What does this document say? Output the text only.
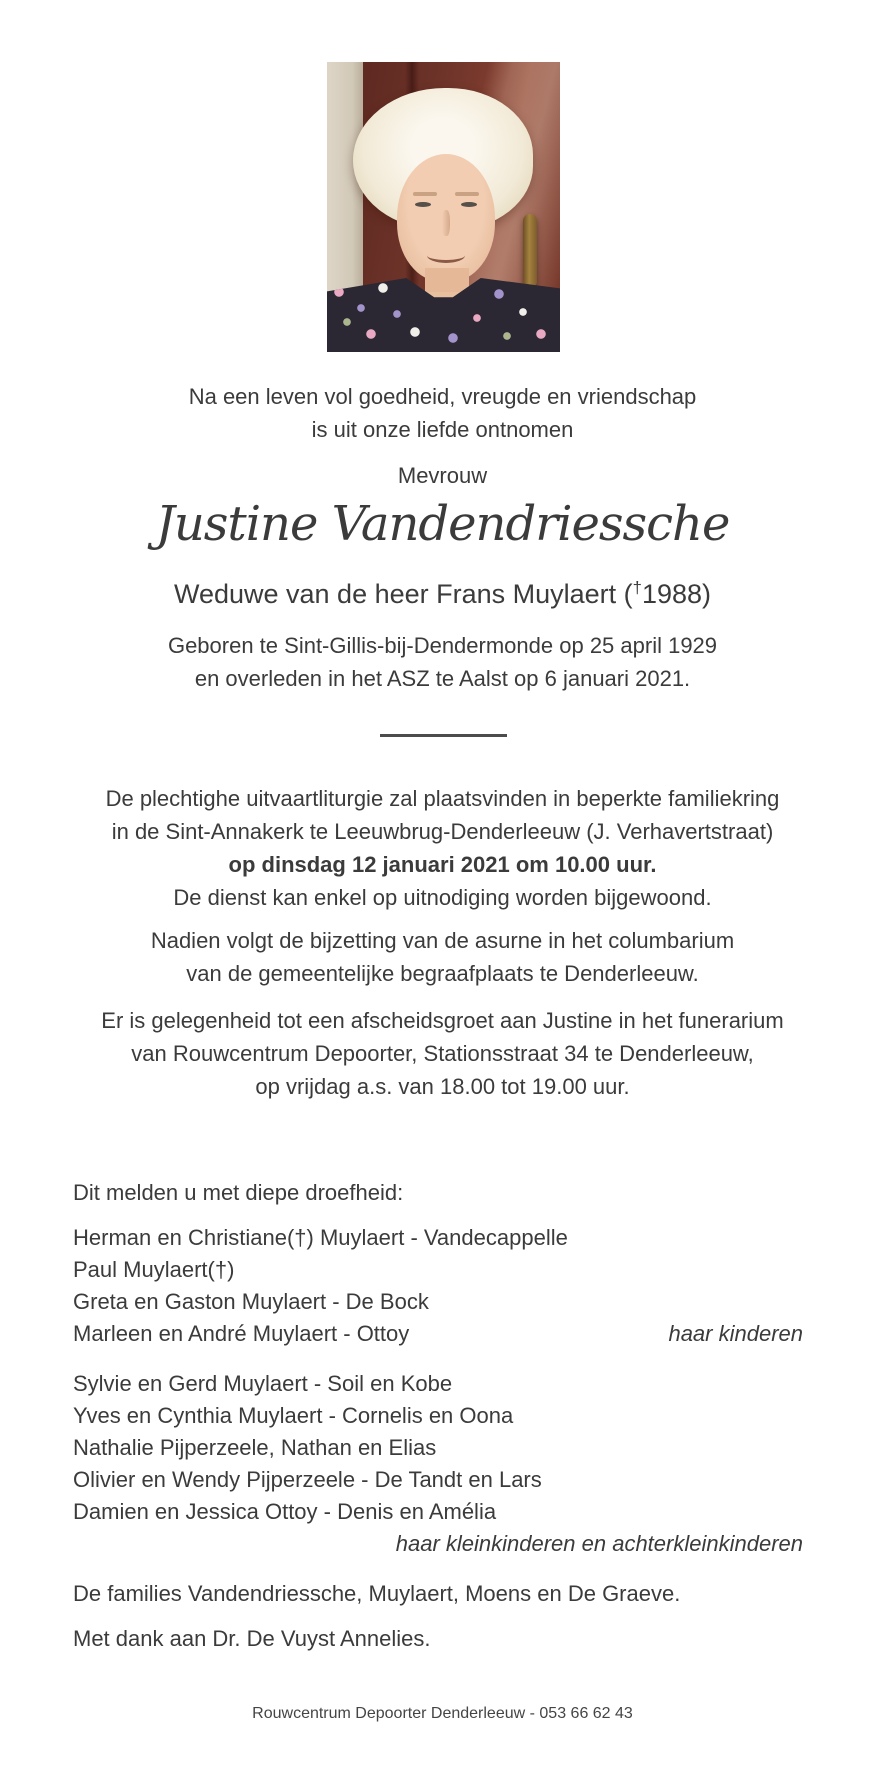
Na een leven vol goedheid, vreugde en vriendschap
is uit onze liefde ontnomen
Mevrouw
Justine Vandendriessche
Weduwe van de heer Frans Muylaert (†1988)
Geboren te Sint-Gillis-bij-Dendermonde op 25 april 1929
en overleden in het ASZ te Aalst op 6 januari 2021.
De plechtighe uitvaartliturgie zal plaatsvinden in beperkte familiekring
in de Sint-Annakerk te Leeuwbrug-Denderleeuw (J. Verhavertstraat)
op dinsdag 12 januari 2021 om 10.00 uur.
De dienst kan enkel op uitnodiging worden bijgewoond.
Nadien volgt de bijzetting van de asurne in het columbarium
van de gemeentelijke begraafplaats te Denderleeuw.
Er is gelegenheid tot een afscheidsgroet aan Justine in het funerarium
van Rouwcentrum Depoorter, Stationsstraat 34 te Denderleeuw,
op vrijdag a.s. van 18.00 tot 19.00 uur.
Dit melden u met diepe droefheid:
Herman en Christiane(†) Muylaert - Vandecappelle
Paul Muylaert(†)
Greta en Gaston Muylaert - De Bock
Marleen en André Muylaert - Ottoy	haar kinderen
Sylvie en Gerd Muylaert - Soil en Kobe
Yves en Cynthia Muylaert - Cornelis en Oona
Nathalie Pijperzeele, Nathan en Elias
Olivier en Wendy Pijperzeele - De Tandt en Lars
Damien en Jessica Ottoy - Denis en Amélia
haar kleinkinderen en achterkleinkinderen
De families Vandendriessche, Muylaert, Moens en De Graeve.
Met dank aan Dr. De Vuyst Annelies.
Rouwcentrum Depoorter Denderleeuw - 053 66 62 43
